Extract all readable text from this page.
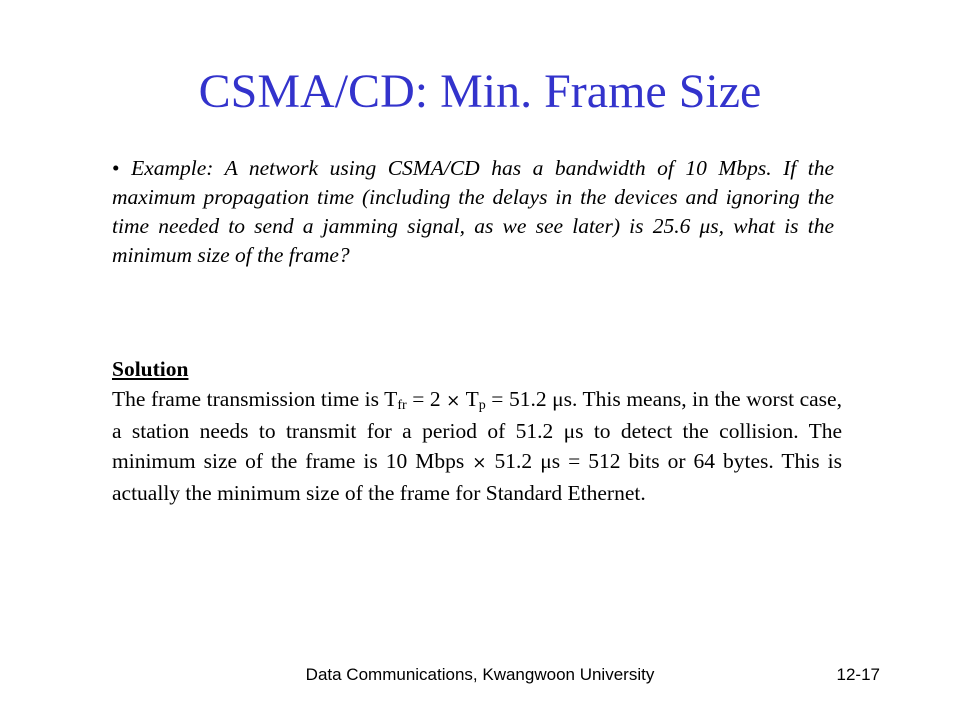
CSMA/CD: Min. Frame Size
• Example: A network using CSMA/CD has a bandwidth of 10 Mbps. If the maximum propagation time (including the delays in the devices and ignoring the time needed to send a jamming signal, as we see later) is 25.6 μs, what is the minimum size of the frame?

Solution

The frame transmission time is $T_{fr} = 2 \times T_p = 51.2$ μs. This means, in the worst case, a station needs to transmit for a period of 51.2 μs to detect the collision. The minimum size of the frame is 10 Mbps × 51.2 μs = 512 bits or 64 bytes. This is actually the minimum size of the frame for Standard Ethernet.

Data Communications, Kwangwoon University	12-17
